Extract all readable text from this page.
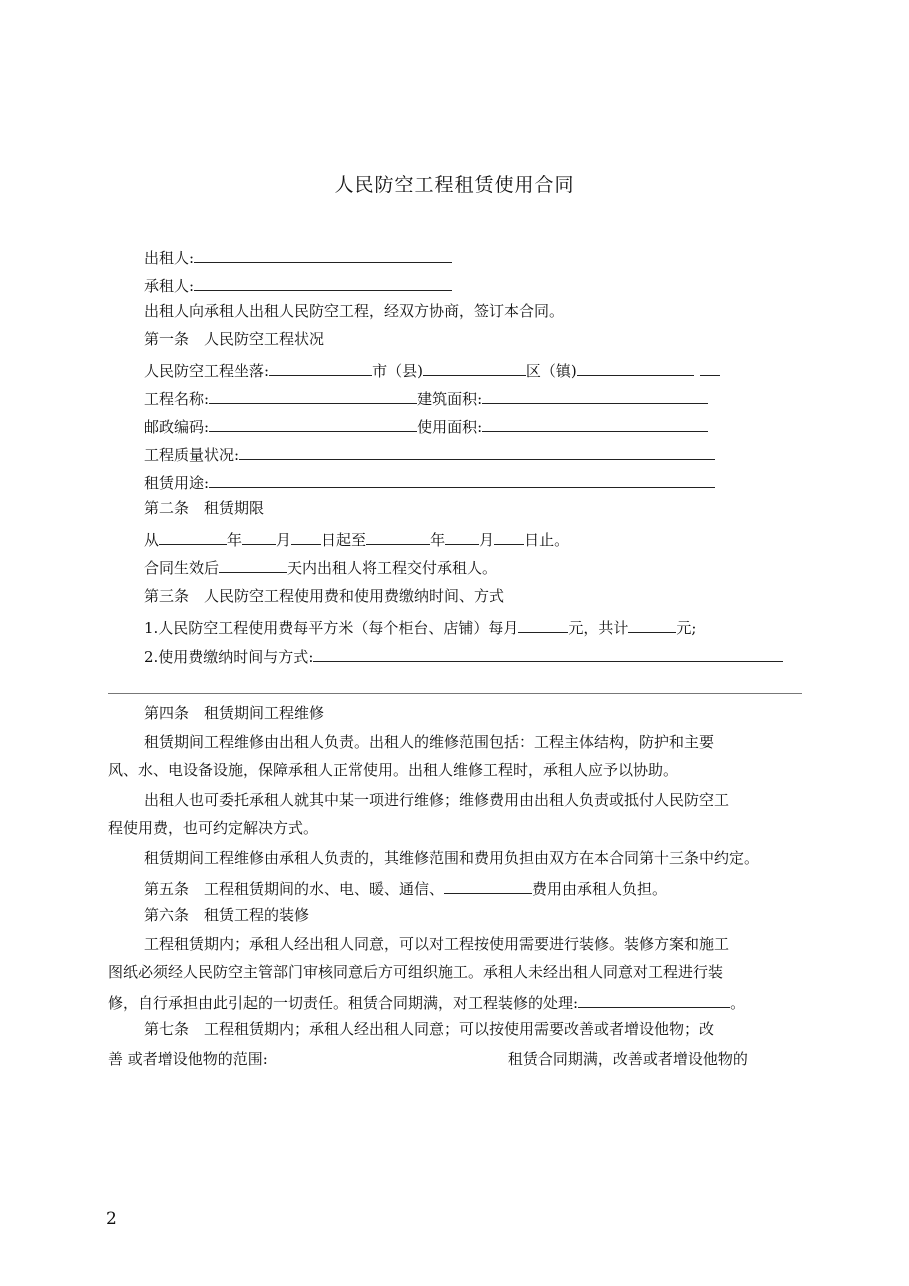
人民防空工程租赁使用合同
出租人:
承租人:
出租人向承租人出租人民防空工程，经双方协商，签订本合同。
第一条　人民防空工程状况
人民防空工程坐落:	市（县)	区（镇)
工程名称:	建筑面积:
邮政编码:	使用面积:
工程质量状况:
租赁用途:
第二条　租赁期限
从	年 月 日起至	年 月 日止。
合同生效后	天内出租人将工程交付承租人。
第三条　人民防空工程使用费和使用费缴纳时间、方式
1.人民防空工程使用费每平方米（每个柜台、店铺）每月	元，共计	元;
2.使用费缴纳时间与方式:
第四条　租赁期间工程维修
租赁期间工程维修由出租人负责。出租人的维修范围包括：工程主体结构，防护和主要
风、水、电设备设施，保障承租人正常使用。出租人维修工程时，承租人应予以协助。
出租人也可委托承租人就其中某一项进行维修；维修费用由出租人负责或抵付人民防空工
程使用费，也可约定解决方式。
租赁期间工程维修由承租人负责的，其维修范围和费用负担由双方在本合同第十三条中约定。
第五条　工程租赁期间的水、电、暖、通信、	费用由承租人负担。
第六条　租赁工程的装修
工程租赁期内；承租人经出租人同意，可以对工程按使用需要进行装修。装修方案和施工
图纸必须经人民防空主管部门审核同意后方可组织施工。承租人未经出租人同意对工程进行装
修，自行承担由此引起的一切责任。租赁合同期满，对工程装修的处理:	。
第七条　工程租赁期内；承租人经出租人同意；可以按使用需要改善或者增设他物；改
善 或者增设他物的范围:	租赁合同期满，改善或者增设他物的
2
